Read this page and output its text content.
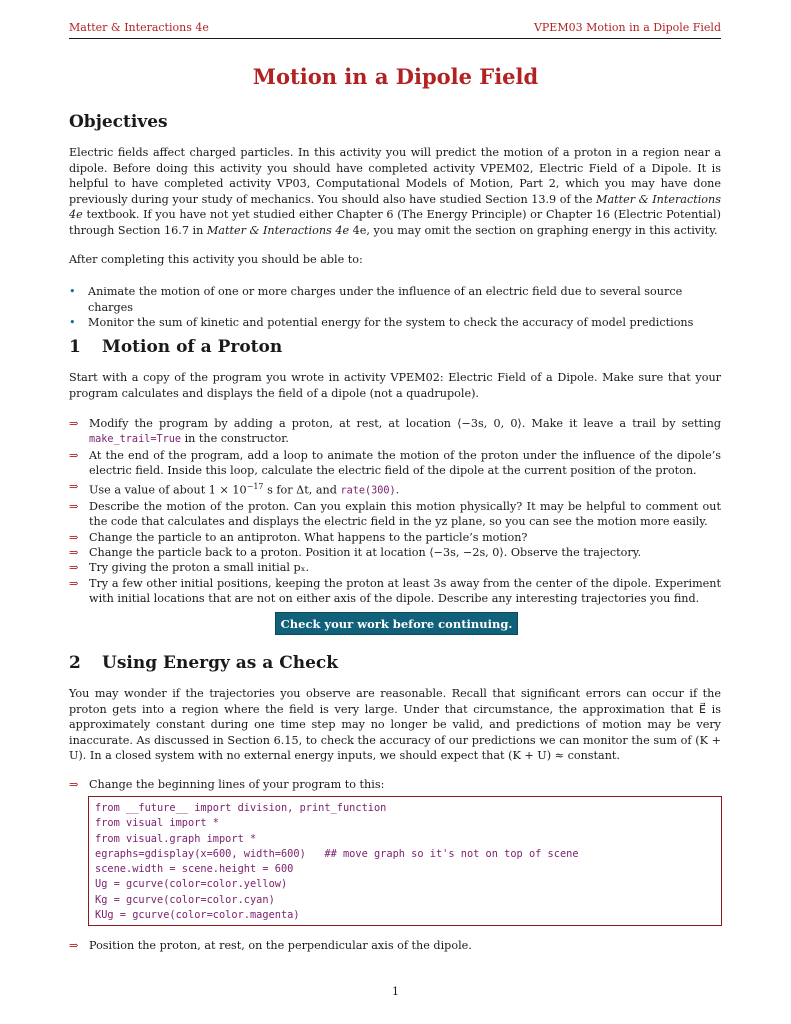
Matter & Interactions 4e	VPEM03 Motion in a Dipole Field
Motion in a Dipole Field
Objectives

Electric fields affect charged particles. In this activity you will predict the motion of a proton in a region near a dipole. Before doing this activity you should have completed activity VPEM02, Electric Field of a Dipole. It is helpful to have completed activity VP03, Computational Models of Motion, Part 2, which you may have done previously during your study of mechanics. You should also have studied Section 13.9 of the Matter & Interactions 4e textbook. If you have not yet studied either Chapter 6 (The Energy Principle) or Chapter 16 (Electric Potential) through Section 16.7 in Matter & Interactions 4e 4e, you may omit the section on graphing energy in this activity.

After completing this activity you should be able to:

• Animate the motion of one or more charges under the influence of an electric field due to several source charges
• Monitor the sum of kinetic and potential energy for the system to check the accuracy of model predictions
1 Motion of a Proton

Start with a copy of the program you wrote in activity VPEM02: Electric Field of a Dipole. Make sure that your program calculates and displays the field of a dipole (not a quadrupole).

⇒ Modify the program by adding a proton, at rest, at location ⟨−3s, 0, 0⟩. Make it leave a trail by setting make_trail=True in the constructor.
⇒ At the end of the program, add a loop to animate the motion of the proton under the influence of the dipole’s electric field. Inside this loop, calculate the electric field of the dipole at the current position of the proton.
⇒ Use a value of about $1 \times 10^{-17}$ s for Δt, and rate(300).
⇒ Describe the motion of the proton. Can you explain this motion physically? It may be helpful to comment out the code that calculates and displays the electric field in the yz plane, so you can see the motion more easily.
⇒ Change the particle to an antiproton. What happens to the particle’s motion?
⇒ Change the particle back to a proton. Position it at location ⟨−3s, −2s, 0⟩. Observe the trajectory.
⇒ Try giving the proton a small initial pₓ.
⇒ Try a few other initial positions, keeping the proton at least 3s away from the center of the dipole. Experiment with initial locations that are not on either axis of the dipole. Describe any interesting trajectories you find.
Check your work before continuing.
2 Using Energy as a Check

You may wonder if the trajectories you observe are reasonable. Recall that significant errors can occur if the proton gets into a region where the field is very large. Under that circumstance, the approximation that E⃗ is approximately constant during one time step may no longer be valid, and predictions of motion may be very inaccurate. As discussed in Section 6.15, to check the accuracy of our predictions we can monitor the sum of (K + U). In a closed system with no external energy inputs, we should expect that (K + U) ≈ constant.

⇒ Change the beginning lines of your program to this:
from __future__ import division, print_function
from visual import *
from visual.graph import *
egraphs=gdisplay(x=600, width=600)   ## move graph so it's not on top of scene
scene.width = scene.height = 600
Ug = gcurve(color=color.yellow)
Kg = gcurve(color=color.cyan)
KUg = gcurve(color=color.magenta)
⇒ Position the proton, at rest, on the perpendicular axis of the dipole.
1
